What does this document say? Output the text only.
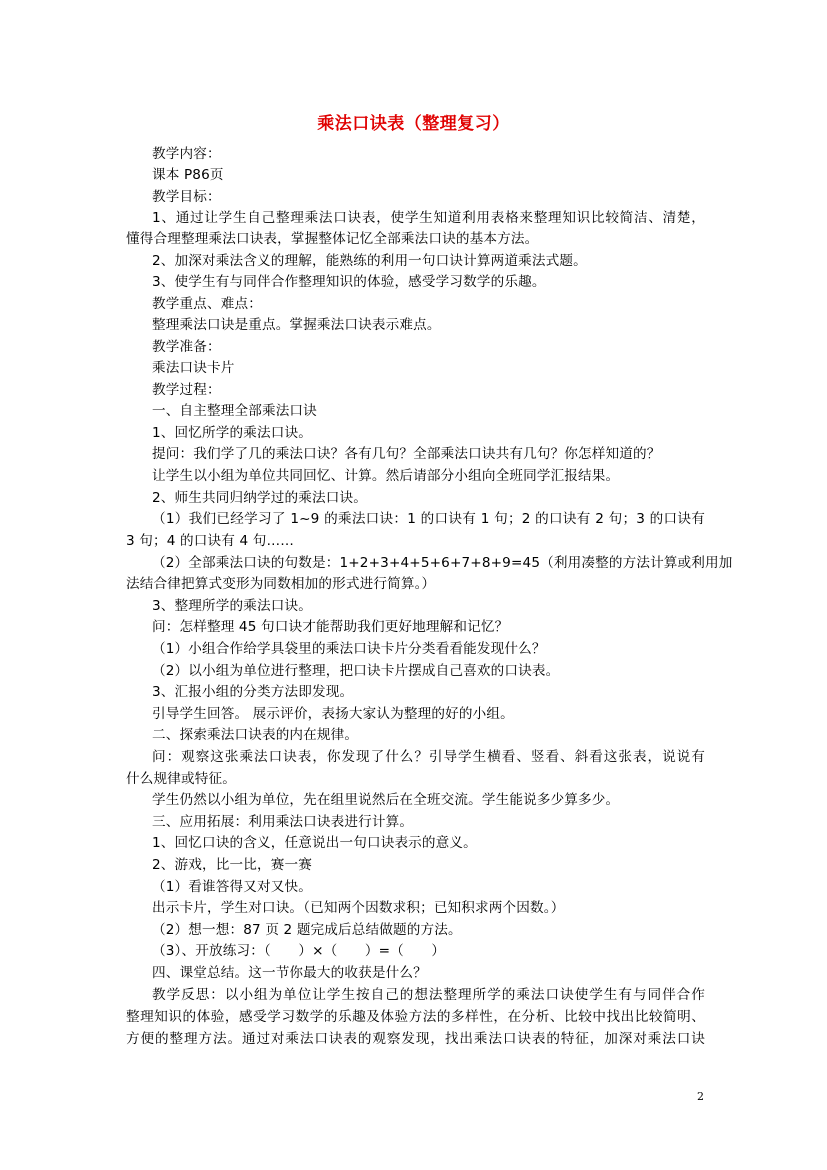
乘法口诀表（整理复习）
教学内容：
课本 P86页
教学目标：
1、通过让学生自己整理乘法口诀表，使学生知道利用表格来整理知识比较简洁、清楚，
懂得合理整理乘法口诀表，掌握整体记忆全部乘法口诀的基本方法。
2、加深对乘法含义的理解，能熟练的利用一句口诀计算两道乘法式题。
3、使学生有与同伴合作整理知识的体验，感受学习数学的乐趣。
教学重点、难点：
整理乘法口诀是重点。掌握乘法口诀表示难点。
教学准备：
乘法口诀卡片
教学过程：
一、自主整理全部乘法口诀
1、回忆所学的乘法口诀。
提问：我们学了几的乘法口诀？各有几句？全部乘法口诀共有几句？你怎样知道的？
让学生以小组为单位共同回忆、计算。然后请部分小组向全班同学汇报结果。
2、师生共同归纳学过的乘法口诀。
（1）我们已经学习了 1~9 的乘法口诀：1 的口诀有 1 句；2 的口诀有 2 句；3 的口诀有
3 句；4 的口诀有 4 句……
（2）全部乘法口诀的句数是：1+2+3+4+5+6+7+8+9=45（利用凑整的方法计算或利用加
法结合律把算式变形为同数相加的形式进行简算。）
3、整理所学的乘法口诀。
问：怎样整理 45 句口诀才能帮助我们更好地理解和记忆？
（1）小组合作给学具袋里的乘法口诀卡片分类看看能发现什么？
（2）以小组为单位进行整理，把口诀卡片摆成自己喜欢的口诀表。
3、汇报小组的分类方法即发现。
引导学生回答。 展示评价，表扬大家认为整理的好的小组。
二、探索乘法口诀表的内在规律。
问：观察这张乘法口诀表，你发现了什么？引导学生横看、竖看、斜看这张表，说说有
什么规律或特征。
学生仍然以小组为单位，先在组里说然后在全班交流。学生能说多少算多少。
三、应用拓展：利用乘法口诀表进行计算。
1、回忆口诀的含义，任意说出一句口诀表示的意义。
2、游戏，比一比，赛一赛
（1）看谁答得又对又快。
出示卡片，学生对口诀。（已知两个因数求积；已知积求两个因数。）
（2）想一想：87 页 2 题完成后总结做题的方法。
（3）、开放练习：（　　）×（　　）=（　　）
四、课堂总结。这一节你最大的收获是什么？
教学反思：以小组为单位让学生按自己的想法整理所学的乘法口诀使学生有与同伴合作
整理知识的体验，感受学习数学的乐趣及体验方法的多样性，在分析、比较中找出比较简明、
方便的整理方法。通过对乘法口诀表的观察发现，找出乘法口诀表的特征，加深对乘法口诀
2
